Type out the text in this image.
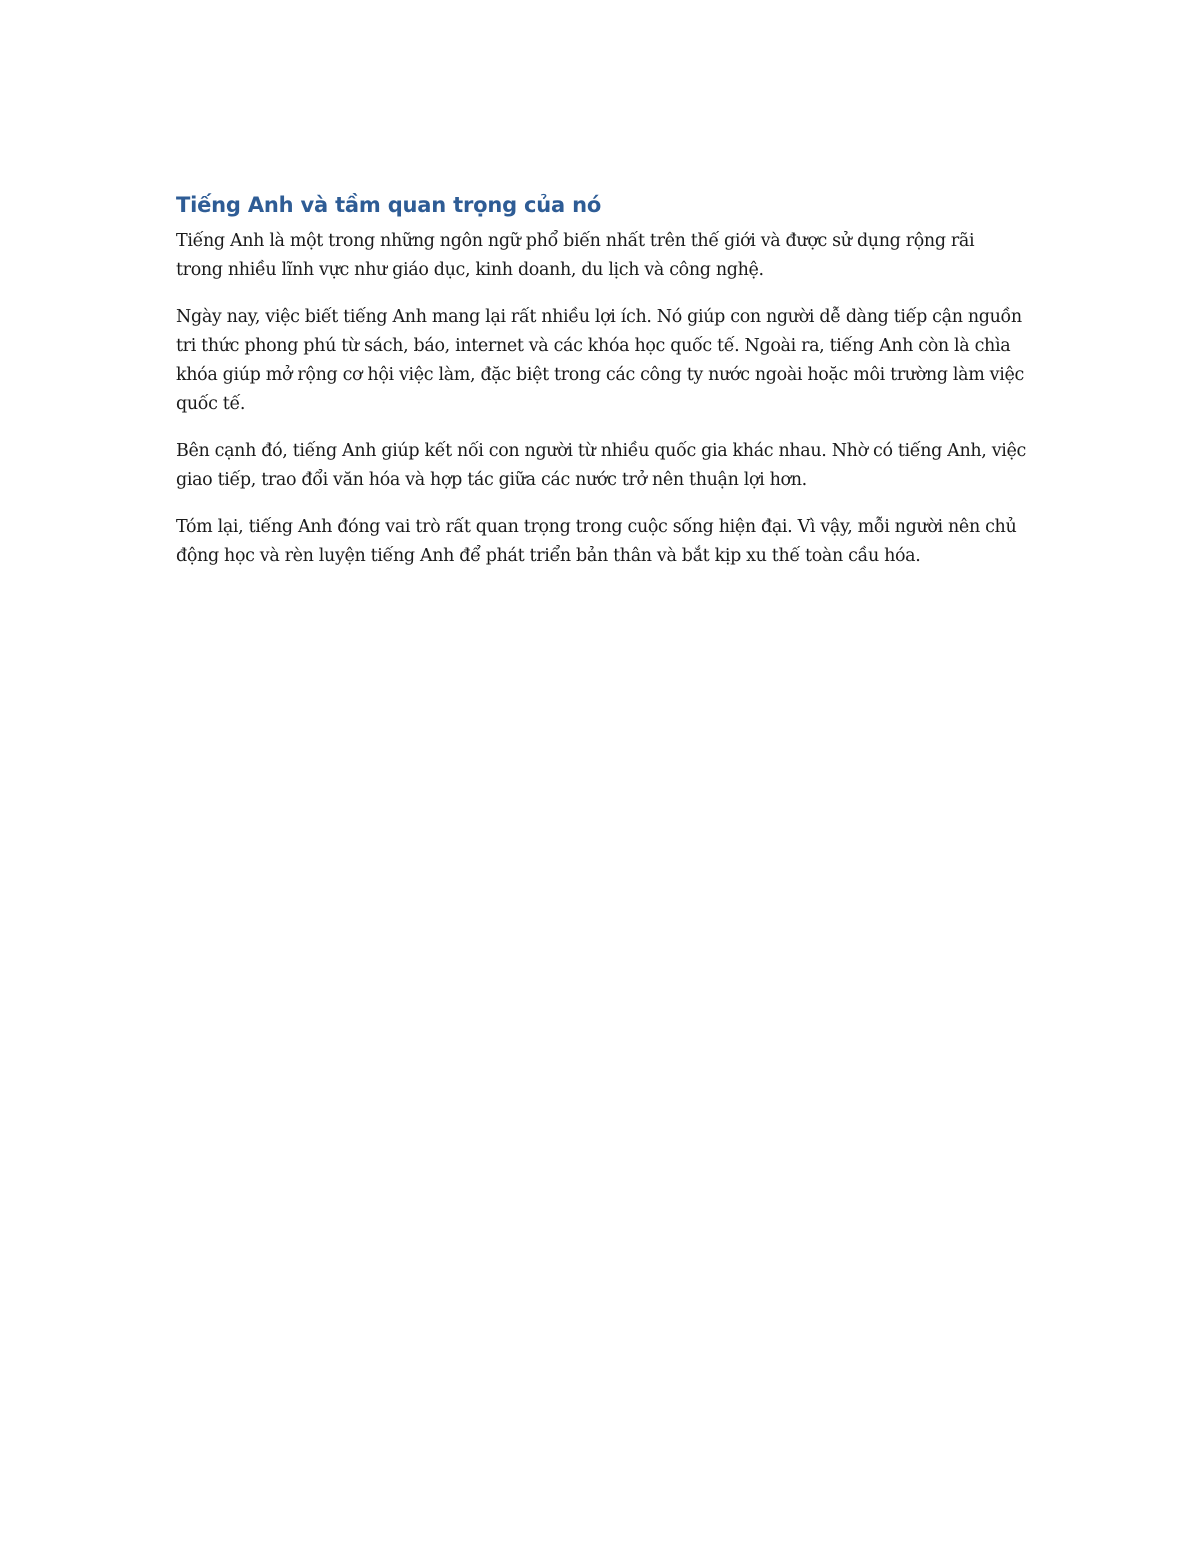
Tiếng Anh và tầm quan trọng của nó

Tiếng Anh là một trong những ngôn ngữ phổ biến nhất trên thế giới và được sử dụng rộng rãi trong nhiều lĩnh vực như giáo dục, kinh doanh, du lịch và công nghệ.

Ngày nay, việc biết tiếng Anh mang lại rất nhiều lợi ích. Nó giúp con người dễ dàng tiếp cận nguồn tri thức phong phú từ sách, báo, internet và các khóa học quốc tế. Ngoài ra, tiếng Anh còn là chìa khóa giúp mở rộng cơ hội việc làm, đặc biệt trong các công ty nước ngoài hoặc môi trường làm việc quốc tế.

Bên cạnh đó, tiếng Anh giúp kết nối con người từ nhiều quốc gia khác nhau. Nhờ có tiếng Anh, việc giao tiếp, trao đổi văn hóa và hợp tác giữa các nước trở nên thuận lợi hơn.

Tóm lại, tiếng Anh đóng vai trò rất quan trọng trong cuộc sống hiện đại. Vì vậy, mỗi người nên chủ động học và rèn luyện tiếng Anh để phát triển bản thân và bắt kịp xu thế toàn cầu hóa.
